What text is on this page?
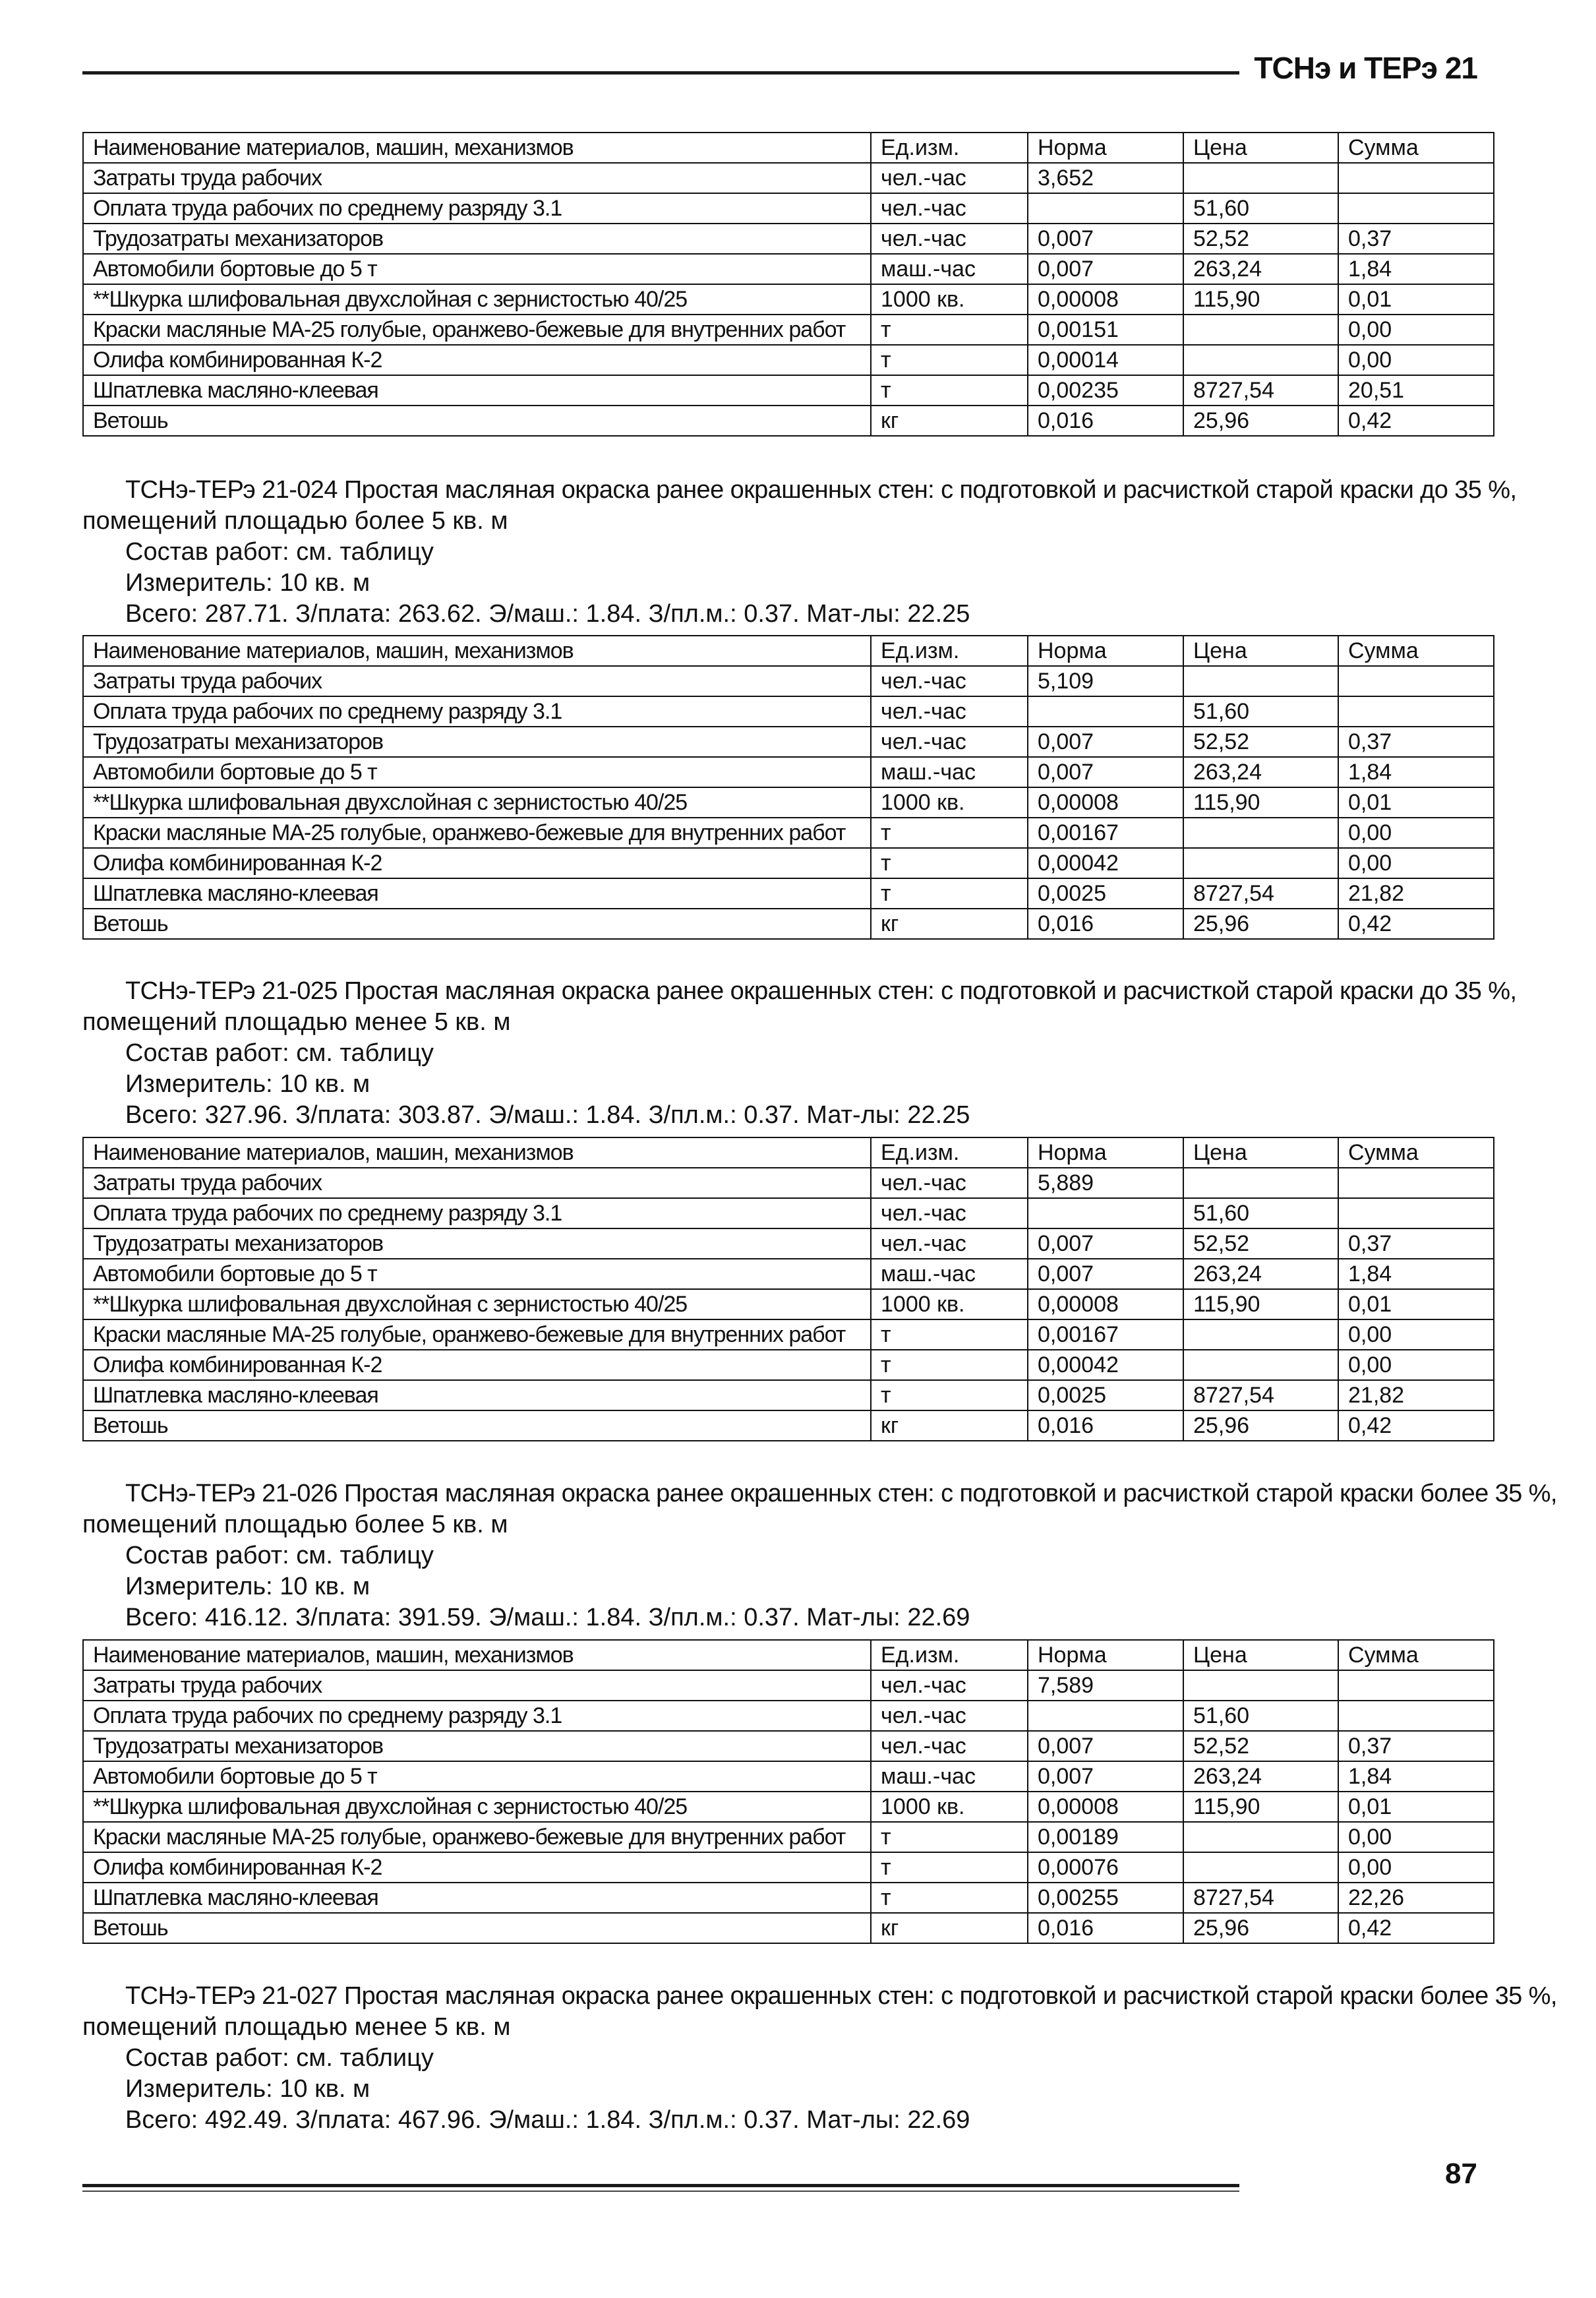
ТСНэ и ТЕРэ 21
Наименование материалов, машин, механизмов	Ед.изм.	Норма	Цена	Сумма
Затраты труда рабочих	чел.-час	3,652		
Оплата труда рабочих по среднему разряду 3.1	чел.-час		51,60	
Трудозатраты механизаторов	чел.-час	0,007	52,52	0,37
Автомобили бортовые до 5 т	маш.-час	0,007	263,24	1,84
**Шкурка шлифовальная двухслойная с зернистостью 40/25	1000 кв.	0,00008	115,90	0,01
Краски масляные МА-25 голубые, оранжево-бежевые для внутренних работ	т	0,00151		0,00
Олифа комбинированная К-2	т	0,00014		0,00
Шпатлевка масляно-клеевая	т	0,00235	8727,54	20,51
Ветошь	кг	0,016	25,96	0,42
Наименование материалов, машин, механизмов	Ед.изм.	Норма	Цена	Сумма
Затраты труда рабочих	чел.-час	5,109		
Оплата труда рабочих по среднему разряду 3.1	чел.-час		51,60	
Трудозатраты механизаторов	чел.-час	0,007	52,52	0,37
Автомобили бортовые до 5 т	маш.-час	0,007	263,24	1,84
**Шкурка шлифовальная двухслойная с зернистостью 40/25	1000 кв.	0,00008	115,90	0,01
Краски масляные МА-25 голубые, оранжево-бежевые для внутренних работ	т	0,00167		0,00
Олифа комбинированная К-2	т	0,00042		0,00
Шпатлевка масляно-клеевая	т	0,0025	8727,54	21,82
Ветошь	кг	0,016	25,96	0,42
Наименование материалов, машин, механизмов	Ед.изм.	Норма	Цена	Сумма
Затраты труда рабочих	чел.-час	5,889		
Оплата труда рабочих по среднему разряду 3.1	чел.-час		51,60	
Трудозатраты механизаторов	чел.-час	0,007	52,52	0,37
Автомобили бортовые до 5 т	маш.-час	0,007	263,24	1,84
**Шкурка шлифовальная двухслойная с зернистостью 40/25	1000 кв.	0,00008	115,90	0,01
Краски масляные МА-25 голубые, оранжево-бежевые для внутренних работ	т	0,00167		0,00
Олифа комбинированная К-2	т	0,00042		0,00
Шпатлевка масляно-клеевая	т	0,0025	8727,54	21,82
Ветошь	кг	0,016	25,96	0,42
Наименование материалов, машин, механизмов	Ед.изм.	Норма	Цена	Сумма
Затраты труда рабочих	чел.-час	7,589		
Оплата труда рабочих по среднему разряду 3.1	чел.-час		51,60	
Трудозатраты механизаторов	чел.-час	0,007	52,52	0,37
Автомобили бортовые до 5 т	маш.-час	0,007	263,24	1,84
**Шкурка шлифовальная двухслойная с зернистостью 40/25	1000 кв.	0,00008	115,90	0,01
Краски масляные МА-25 голубые, оранжево-бежевые для внутренних работ	т	0,00189		0,00
Олифа комбинированная К-2	т	0,00076		0,00
Шпатлевка масляно-клеевая	т	0,00255	8727,54	22,26
Ветошь	кг	0,016	25,96	0,42
ТСНэ-ТЕРэ 21-024 Простая масляная окраска ранее окрашенных стен: с подготовкой и расчисткой старой краски до 35 %,
помещений площадью более 5 кв. м
Состав работ: см. таблицу
Измеритель: 10 кв. м
Всего: 287.71. З/плата: 263.62. Э/маш.: 1.84. З/пл.м.: 0.37. Мат-лы: 22.25
ТСНэ-ТЕРэ 21-025 Простая масляная окраска ранее окрашенных стен: с подготовкой и расчисткой старой краски до 35 %,
помещений площадью менее 5 кв. м
Состав работ: см. таблицу
Измеритель: 10 кв. м
Всего: 327.96. З/плата: 303.87. Э/маш.: 1.84. З/пл.м.: 0.37. Мат-лы: 22.25
ТСНэ-ТЕРэ 21-026 Простая масляная окраска ранее окрашенных стен: с подготовкой и расчисткой старой краски более 35 %,
помещений площадью более 5 кв. м
Состав работ: см. таблицу
Измеритель: 10 кв. м
Всего: 416.12. З/плата: 391.59. Э/маш.: 1.84. З/пл.м.: 0.37. Мат-лы: 22.69
ТСНэ-ТЕРэ 21-027 Простая масляная окраска ранее окрашенных стен: с подготовкой и расчисткой старой краски более 35 %,
помещений площадью менее 5 кв. м
Состав работ: см. таблицу
Измеритель: 10 кв. м
Всего: 492.49. З/плата: 467.96. Э/маш.: 1.84. З/пл.м.: 0.37. Мат-лы: 22.69
87
